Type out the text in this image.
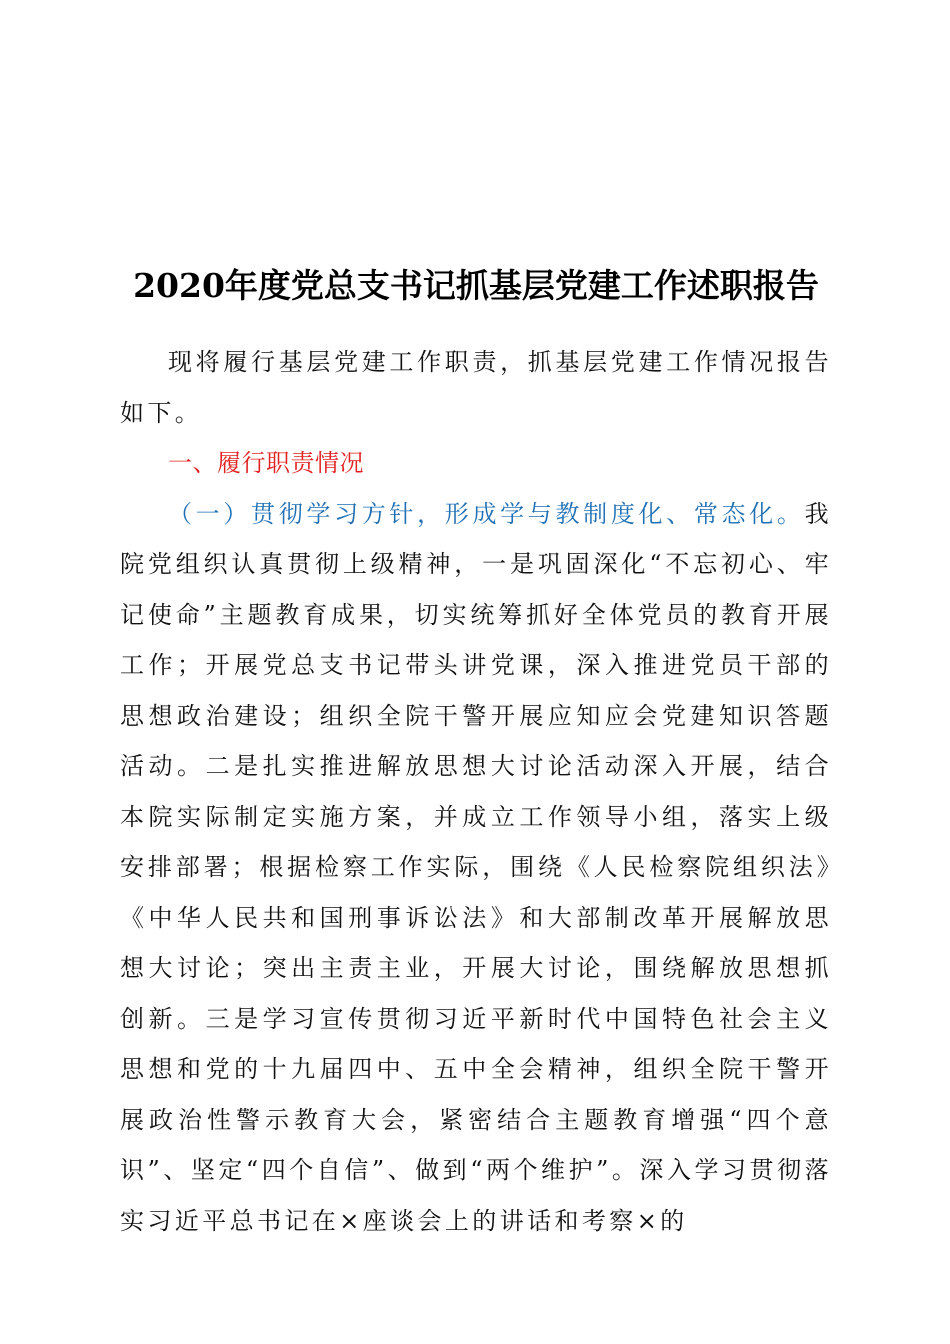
2020年度党总支书记抓基层党建工作述职报告

现将履行基层党建工作职责，抓基层党建工作情况报告如下。

一、履行职责情况

（一）贯彻学习方针，形成学与教制度化、常态化。我院党组织认真贯彻上级精神，一是巩固深化“不忘初心、牢记使命”主题教育成果，切实统筹抓好全体党员的教育开展工作；开展党总支书记带头讲党课，深入推进党员干部的思想政治建设；组织全院干警开展应知应会党建知识答题活动。二是扎实推进解放思想大讨论活动深入开展，结合本院实际制定实施方案，并成立工作领导小组，落实上级安排部署；根据检察工作实际，围绕《人民检察院组织法》《中华人民共和国刑事诉讼法》和大部制改革开展解放思想大讨论；突出主责主业，开展大讨论，围绕解放思想抓创新。三是学习宣传贯彻习近平新时代中国特色社会主义思想和党的十九届四中、五中全会精神，组织全院干警开展政治性警示教育大会，紧密结合主题教育增强“四个意识”、坚定“四个自信”、做到“两个维护”。深入学习贯彻落实习近平总书记在×座谈会上的讲话和考察×的
